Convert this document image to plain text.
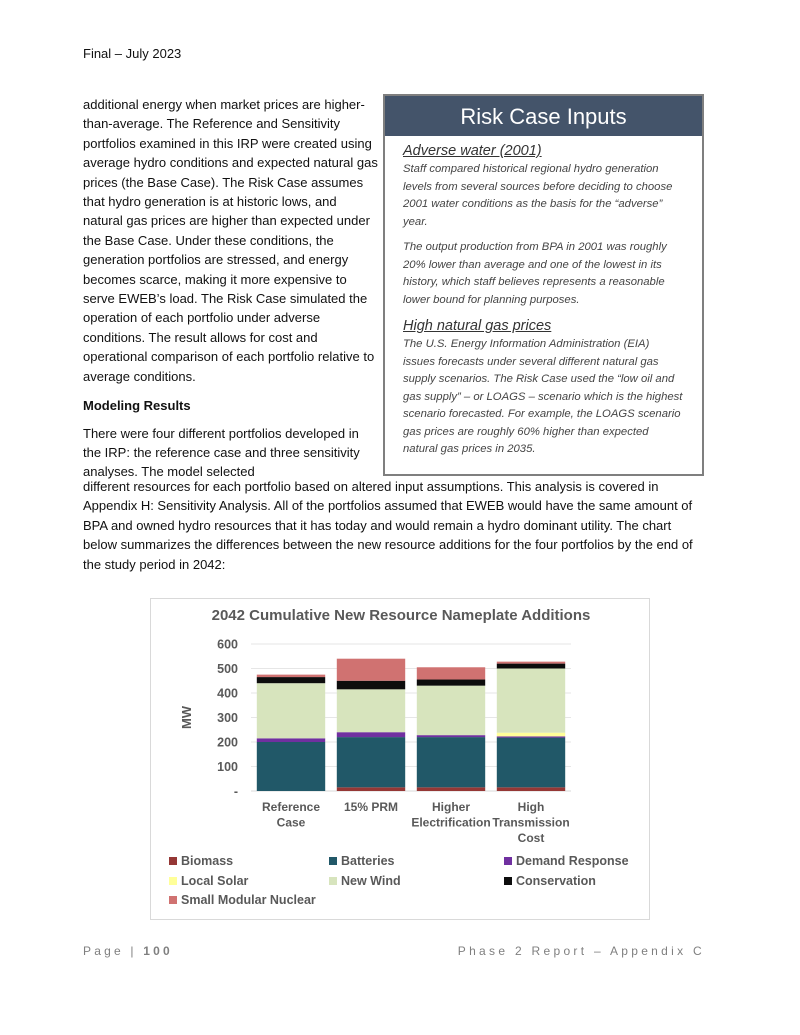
Final – July 2023

additional energy when market prices are higher-than-average. The Reference and Sensitivity portfolios examined in this IRP were created using average hydro conditions and expected natural gas prices (the Base Case). The Risk Case assumes that hydro generation is at historic lows, and natural gas prices are higher than expected under the Base Case. Under these conditions, the generation portfolios are stressed, and energy becomes scarce, making it more expensive to serve EWEB’s load. The Risk Case simulated the operation of each portfolio under adverse conditions. The result allows for cost and operational comparison of each portfolio relative to average conditions.

Modeling Results

There were four different portfolios developed in the IRP: the reference case and three sensitivity analyses. The model selected

Risk Case Inputs
Adverse water (2001)

Staff compared historical regional hydro generation levels from several sources before deciding to choose 2001 water conditions as the basis for the “adverse” year.

The output production from BPA in 2001 was roughly 20% lower than average and one of the lowest in its history, which staff believes represents a reasonable lower bound for planning purposes.

High natural gas prices

The U.S. Energy Information Administration (EIA) issues forecasts under several different natural gas supply scenarios. The Risk Case used the “low oil and gas supply” – or LOAGS – scenario which is the highest scenario forecasted. For example, the LOAGS scenario gas prices are roughly 60% higher than expected natural gas prices in 2035.

different resources for each portfolio based on altered input assumptions. This analysis is covered in Appendix H: Sensitivity Analysis. All of the portfolios assumed that EWEB would have the same amount of BPA and owned hydro resources that it has today and would remain a hydro dominant utility. The chart below summarizes the differences between the new resource additions for the four portfolios by the end of the study period in 2042:

2042 Cumulative New Resource Nameplate Additions
-
100
200
300
400
500
600
MW
Reference
Case
15% PRM	Higher
Electrification
High
Transmission
Cost
Biomass	Batteries	Demand Response
Local Solar	New Wind	Conservation
Small Modular Nuclear
Page | 100	Phase 2 Report – Appendix C
